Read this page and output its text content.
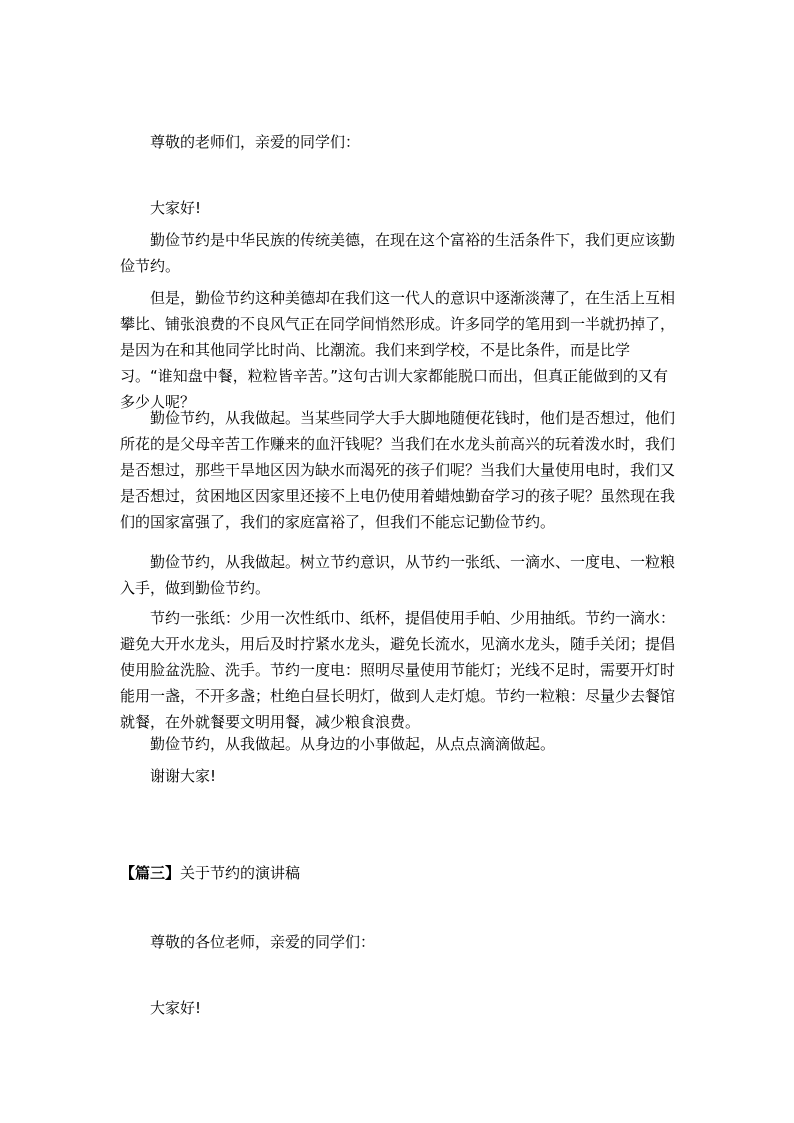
尊敬的老师们，亲爱的同学们：
大家好!
勤俭节约是中华民族的传统美德，在现在这个富裕的生活条件下，我们更应该勤俭节约。
但是，勤俭节约这种美德却在我们这一代人的意识中逐渐淡薄了，在生活上互相攀比、铺张浪费的不良风气正在同学间悄然形成。许多同学的笔用到一半就扔掉了，是因为在和其他同学比时尚、比潮流。我们来到学校，不是比条件，而是比学习。“谁知盘中餐，粒粒皆辛苦。”这句古训大家都能脱口而出，但真正能做到的又有多少人呢？
勤俭节约，从我做起。当某些同学大手大脚地随便花钱时，他们是否想过，他们所花的是父母辛苦工作赚来的血汗钱呢？当我们在水龙头前高兴的玩着泼水时，我们是否想过，那些干旱地区因为缺水而渴死的孩子们呢？当我们大量使用电时，我们又是否想过，贫困地区因家里还接不上电仍使用着蜡烛勤奋学习的孩子呢？虽然现在我们的国家富强了，我们的家庭富裕了，但我们不能忘记勤俭节约。
勤俭节约，从我做起。树立节约意识，从节约一张纸、一滴水、一度电、一粒粮入手，做到勤俭节约。
节约一张纸：少用一次性纸巾、纸杯，提倡使用手帕、少用抽纸。节约一滴水：避免大开水龙头，用后及时拧紧水龙头，避免长流水，见滴水龙头，随手关闭；提倡使用脸盆洗脸、洗手。节约一度电：照明尽量使用节能灯；光线不足时，需要开灯时能用一盏，不开多盏；杜绝白昼长明灯，做到人走灯熄。节约一粒粮：尽量少去餐馆就餐，在外就餐要文明用餐，减少粮食浪费。
勤俭节约，从我做起。从身边的小事做起，从点点滴滴做起。
谢谢大家!
【篇三】关于节约的演讲稿
尊敬的各位老师，亲爱的同学们：
大家好!
